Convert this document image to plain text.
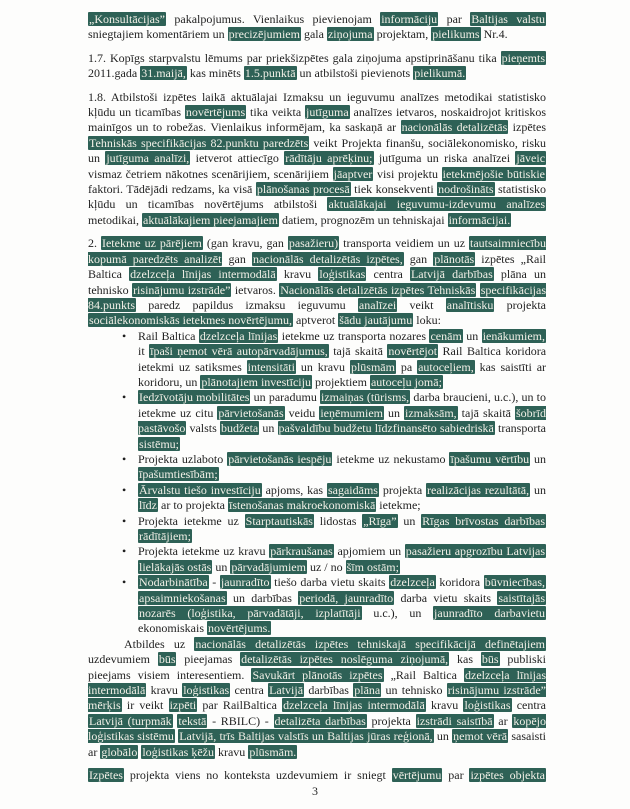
„Konsultācijas” pakalpojumus. Vienlaikus pievienojam informāciju par Baltijas valstu sniegtajiem komentāriem un precizējumiem gala ziņojuma projektam, pielikums Nr.4.
1.7. Kopīgs starpvalstu lēmums par priekšizpētes gala ziņojuma apstiprināšanu tika pieņemts 2011.gada 31.maijā, kas minēts 1.5.punktā un atbilstoši pievienots pielikumā.
1.8. Atbilstoši izpētes laikā aktuālajai Izmaksu un ieguvumu analīzes metodikai statistisko kļūdu un ticamības novērtējums tika veikta jutīguma analīzes ietvaros, noskaidrojot kritiskos mainīgos un to robežas. Vienlaikus informējam, ka saskaņā ar nacionālās detalizētās izpētes Tehniskās specifikācijas 82.punktu paredzēts veikt Projekta finanšu, sociālekonomisko, risku un jutīguma analīzi, ietverot attiecīgo rādītāju aprēķinu; jutīguma un riska analīzei jāveic vismaz četriem nākotnes scenārijiem, scenārijiem jāaptver visi projektu ietekmējošie būtiskie faktori. Tādējādi redzams, ka visā plānošanas procesā tiek konsekventi nodrošināts statistisko kļūdu un ticamības novērtējums atbilstoši aktuālākajai ieguvumu-izdevumu analīzes metodikai, aktuālākajiem pieejamajiem datiem, prognozēm un tehniskajai informācijai.
2. Ietekme uz pārējiem (gan kravu, gan pasažieru) transporta veidiem un uz tautsaimniecību kopumā paredzēts analizēt gan nacionālās detalizētās izpētes, gan plānotās izpētes „Rail Baltica dzelzceļa līnijas intermodālā kravu loģistikas centra Latvijā darbības plāna un tehnisko risinājumu izstrāde” ietvaros. Nacionālās detalizētās izpētes Tehniskās specifikācijas 84.punkts paredz papildus izmaksu ieguvumu analīzei veikt analītisku projekta sociālekonomiskās ietekmes novērtējumu, aptverot šādu jautājumu loku:
• Rail Baltica dzelzceļa līnijas ietekme uz transporta nozares cenām un ienākumiem, it īpaši ņemot vērā autopārvadājumus, tajā skaitā novērtējot Rail Baltica koridora ietekmi uz satiksmes intensitāti un kravu plūsmām pa autoceļiem, kas saistīti ar koridoru, un plānotajiem investīciju projektiem autoceļu jomā;
• Iedzīvotāju mobilitātes un paradumu izmaiņas (tūrisms, darba braucieni, u.c.), un to ietekme uz citu pārvietošanās veidu ieņēmumiem un izmaksām, tajā skaitā šobrīd pastāvošo valsts budžeta un pašvaldību budžetu līdzfinansēto sabiedriskā transporta sistēmu;
• Projekta uzlaboto pārvietošanās iespēju ietekme uz nekustamo īpašumu vērtību un īpašumtiesībām;
• Ārvalstu tiešo investīciju apjoms, kas sagaidāms projekta realizācijas rezultātā, un līdz ar to projekta īstenošanas makroekonomiskā ietekme;
• Projekta ietekme uz Starptautiskās lidostas „Rīga” un Rīgas brīvostas darbības rādītājiem;
• Projekta ietekme uz kravu pārkraušanas apjomiem un pasažieru apgrozību Latvijas lielākajās ostās un pārvadājumiem uz / no šīm ostām;
• Nodarbinātība - jaunradīto tiešo darba vietu skaits dzelzceļa koridora būvniecības, apsaimniekošanas un darbības periodā, jaunradīto darba vietu skaits saistītajās nozarēs (loģistika, pārvadātāji, izplatītāji u.c.), un jaunradīto darbavietu ekonomiskais novērtējums.
Atbildes uz nacionālās detalizētās izpētes tehniskajā specifikācijā definētajiem uzdevumiem būs pieejamas detalizētās izpētes noslēguma ziņojumā, kas būs publiski pieejams visiem interesentiem. Savukārt plānotās izpētes „Rail Baltica dzelzceļa līnijas intermodālā kravu loģistikas centra Latvijā darbības plāna un tehnisko risinājumu izstrāde” mērķis ir veikt izpēti par RailBaltica dzelzceļa līnijas intermodālā kravu loģistikas centra Latvijā (turpmāk tekstā - RBILC) - detalizēta darbības projekta izstrādi saistībā ar kopējo loģistikas sistēmu Latvijā, trīs Baltijas valstīs un Baltijas jūras reģionā, un ņemot vērā sasaisti ar globālo loģistikas ķēžu kravu plūsmām.
Izpētes projekta viens no konteksta uzdevumiem ir sniegt vērtējumu par izpētes objekta
3
